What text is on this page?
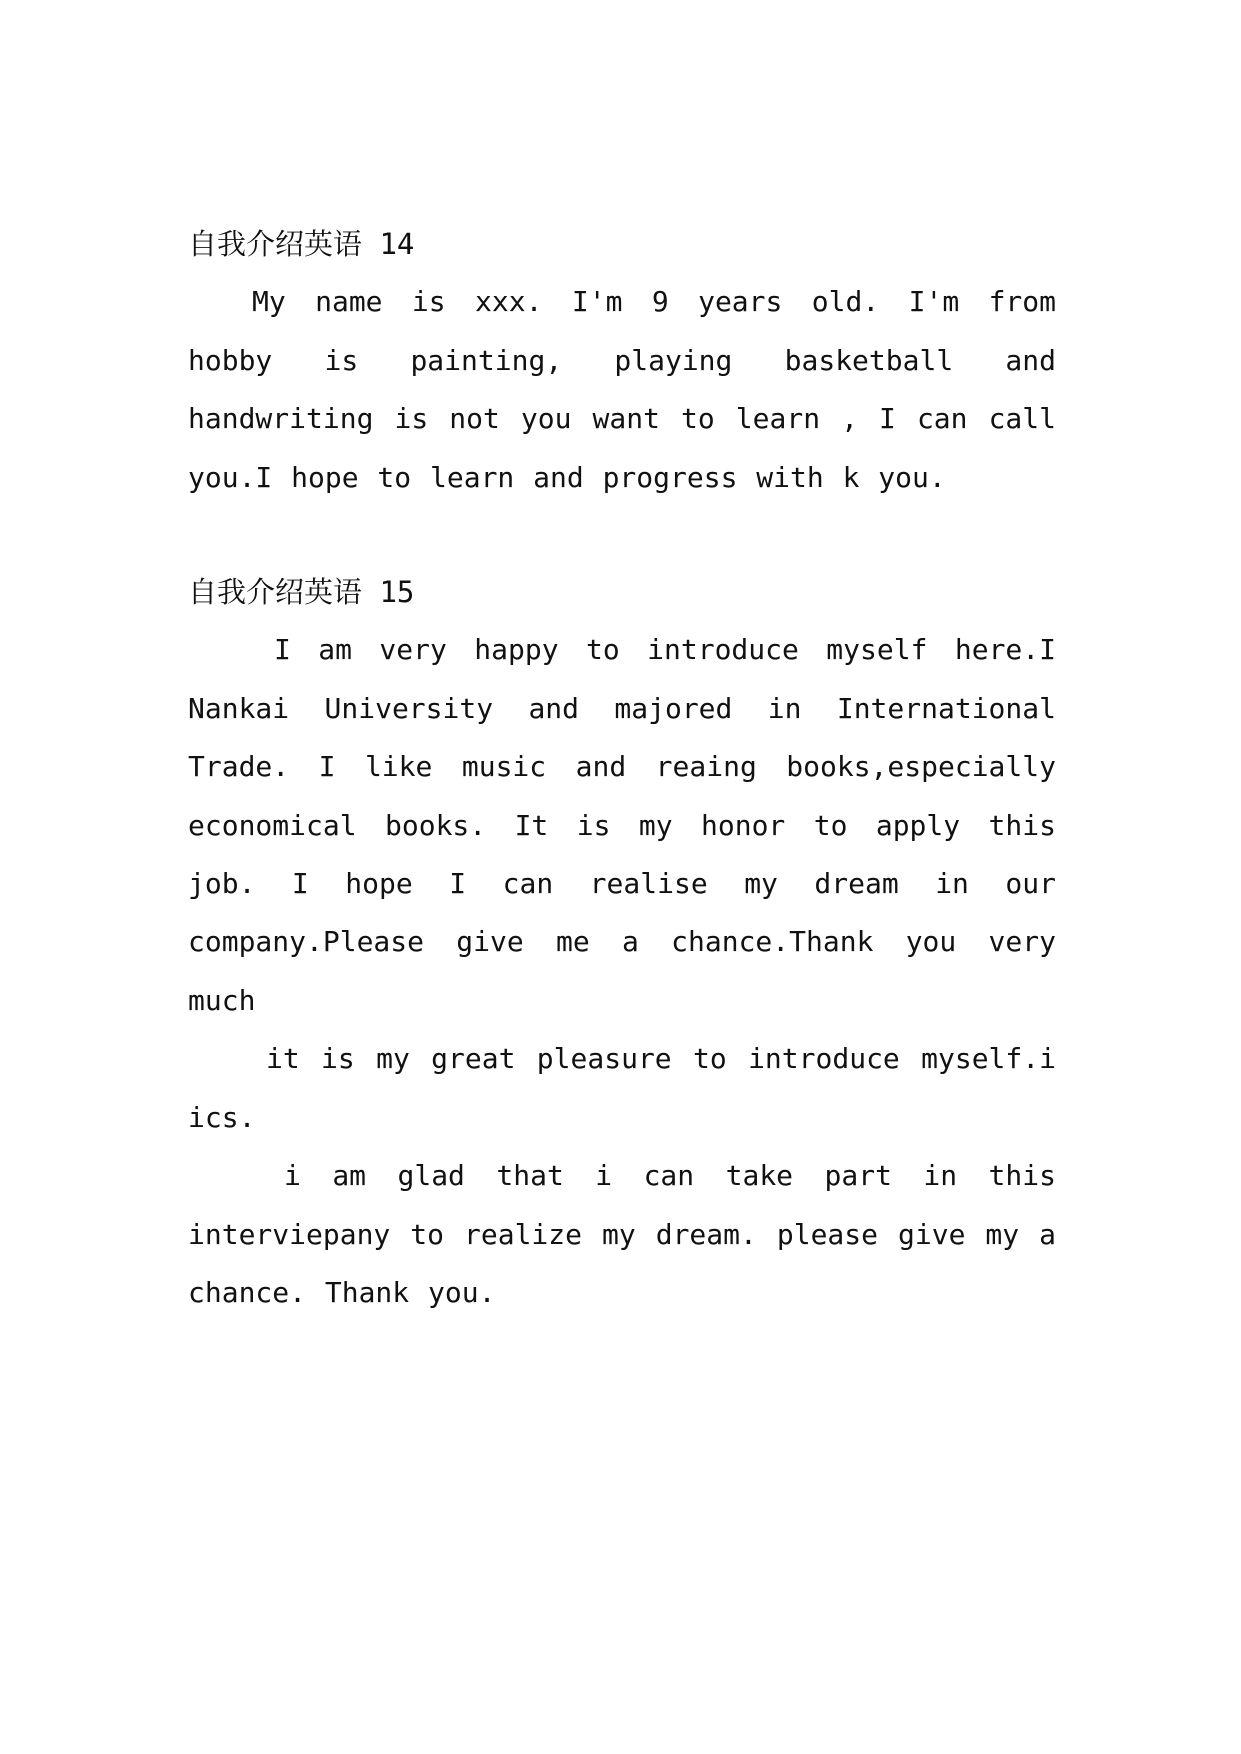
自我介绍英语 14

My name is xxx. I'm 9 years old. I'm from hobby is painting, playing basketball and handwriting is not you want to learn , I can call you.I hope to learn and progress with k you.

自我介绍英语 15

I am very happy to introduce myself here.I Nankai University and majored in International Trade. I like music and reaing books,especially economical books. It is my honor to apply this job. I hope I can realise my dream in our company.Please give me a chance.Thank you very much

it is my great pleasure to introduce myself.i ics.

i am glad that i can take part in this interviepany to realize my dream. please give my a chance. Thank you.
